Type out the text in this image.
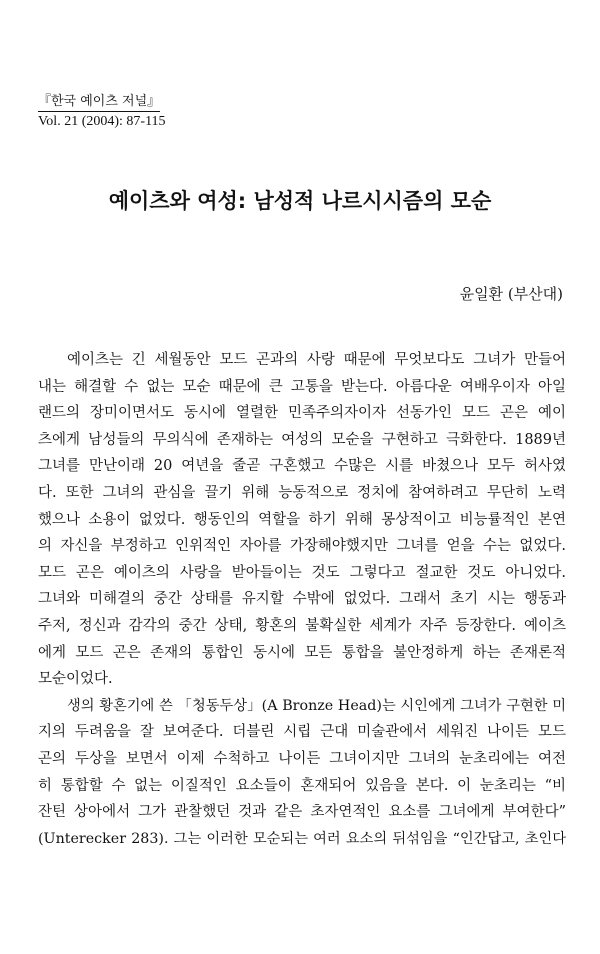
『한국 예이츠 저널』
Vol. 21 (2004): 87-115
예이츠와 여성: 남성적 나르시시즘의 모순
윤일환 (부산대)
예이츠는 긴 세월동안 모드 곤과의 사랑 때문에 무엇보다도 그녀가 만들어
내는 해결할 수 없는 모순 때문에 큰 고통을 받는다. 아름다운 여배우이자 아일
랜드의 장미이면서도 동시에 열렬한 민족주의자이자 선동가인 모드 곤은 예이
츠에게 남성들의 무의식에 존재하는 여성의 모순을 구현하고 극화한다. 1889년
그녀를 만난이래 20 여년을 줄곧 구혼했고 수많은 시를 바쳤으나 모두 허사였
다. 또한 그녀의 관심을 끌기 위해 능동적으로 정치에 참여하려고 무단히 노력
했으나 소용이 없었다. 행동인의 역할을 하기 위해 몽상적이고 비능률적인 본연
의 자신을 부정하고 인위적인 자아를 가장해야했지만 그녀를 얻을 수는 없었다.
모드 곤은 예이츠의 사랑을 받아들이는 것도 그렇다고 절교한 것도 아니었다.
그녀와 미해결의 중간 상태를 유지할 수밖에 없었다. 그래서 초기 시는 행동과
주저, 정신과 감각의 중간 상태, 황혼의 불확실한 세계가 자주 등장한다. 예이츠
에게 모드 곤은 존재의 통합인 동시에 모든 통합을 불안정하게 하는 존재론적
모순이었다.
생의 황혼기에 쓴 「청동두상」(A Bronze Head)는 시인에게 그녀가 구현한 미
지의 두려움을 잘 보여준다. 더블린 시립 근대 미술관에서 세워진 나이든 모드
곤의 두상을 보면서 이제 수척하고 나이든 그녀이지만 그녀의 눈초리에는 여전
히 통합할 수 없는 이질적인 요소들이 혼재되어 있음을 본다. 이 눈초리는 “비
잔틴 상아에서 그가 관찰했던 것과 같은 초자연적인 요소를 그녀에게 부여한다”
(Unterecker 283). 그는 이러한 모순되는 여러 요소의 뒤섞임을 “인간답고, 초인다
